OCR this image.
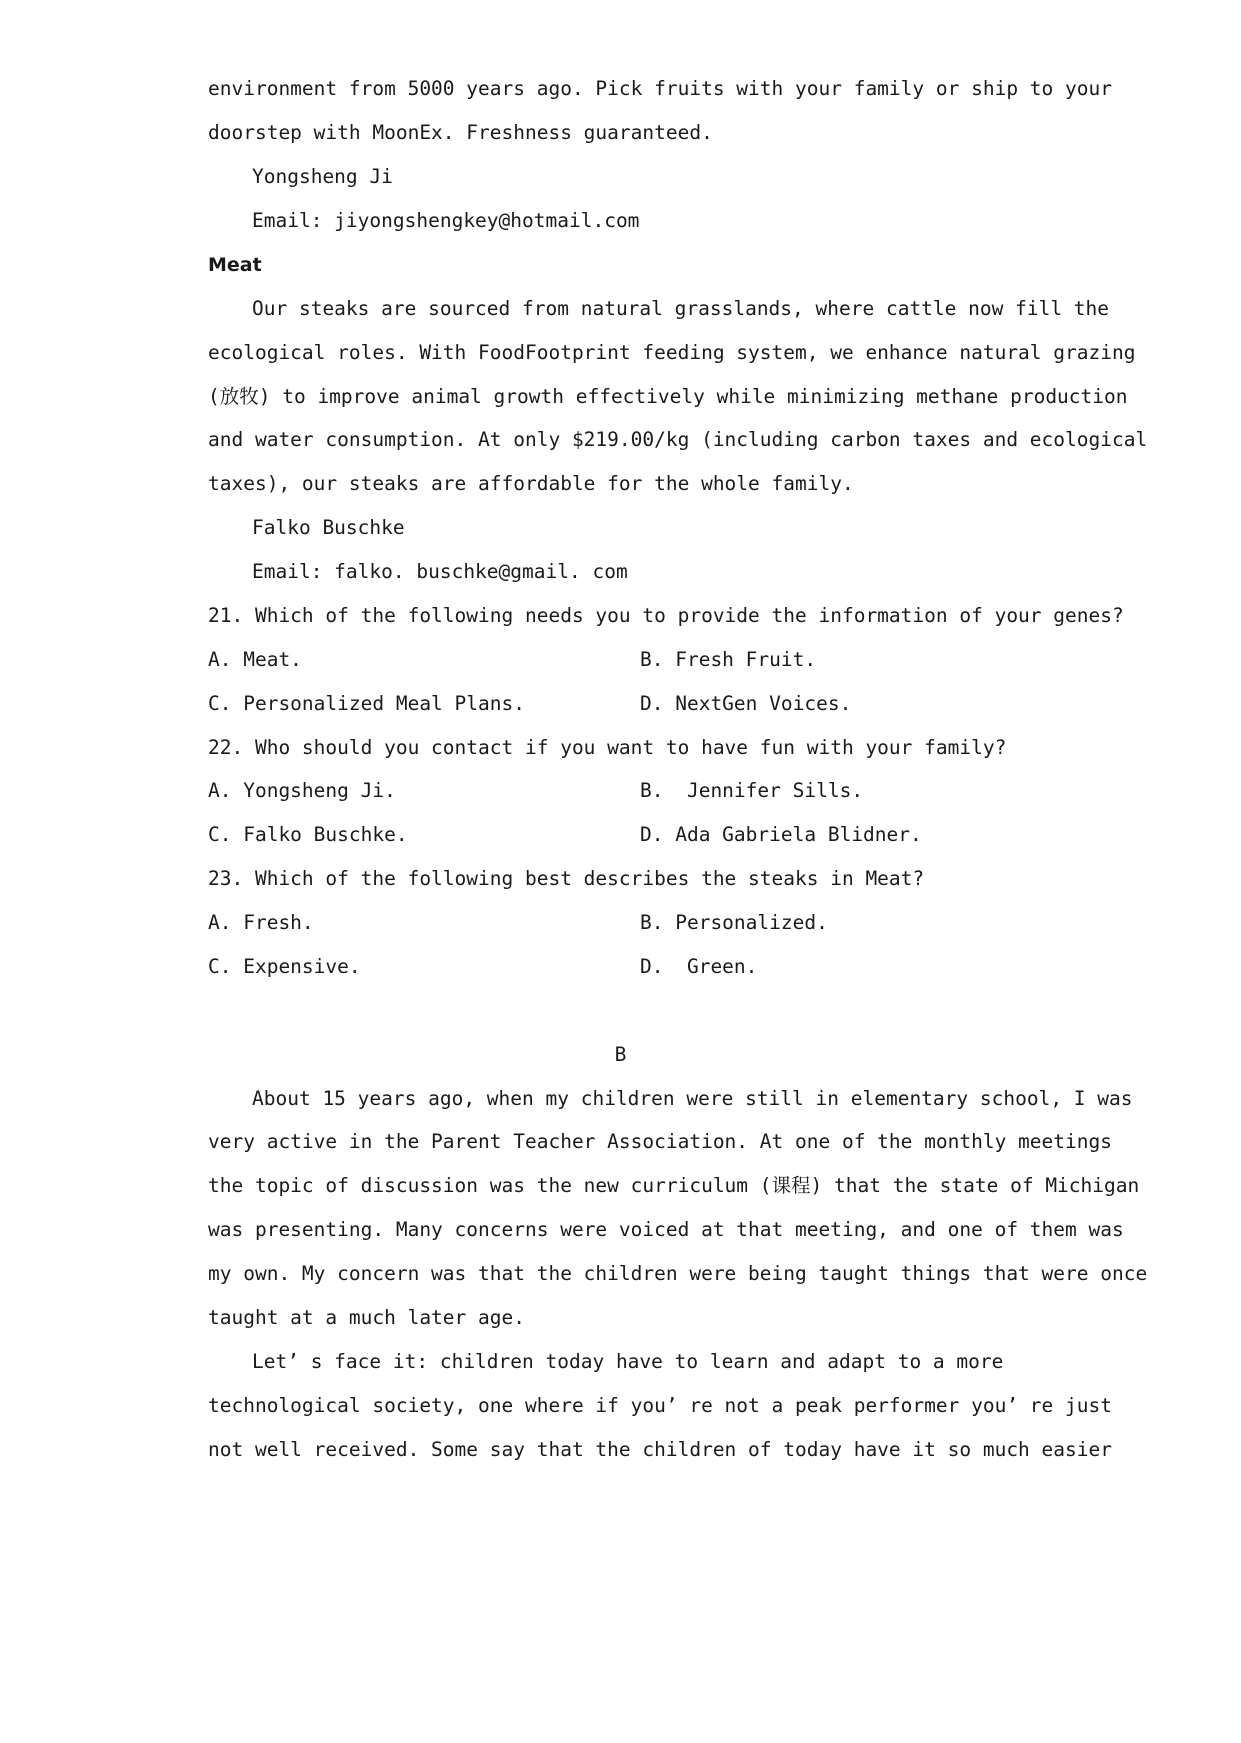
environment from 5000 years ago. Pick fruits with your family or ship to your
doorstep with MoonEx. Freshness guaranteed.
Yongsheng Ji
Email: jiyongshengkey@hotmail.com
Meat
Our steaks are sourced from natural grasslands, where cattle now fill the
ecological roles. With FoodFootprint feeding system, we enhance natural grazing
(放牧) to improve animal growth effectively while minimizing methane production
and water consumption. At only $219.00/kg (including carbon taxes and ecological
taxes), our steaks are affordable for the whole family.
Falko Buschke
Email: falko. buschke@gmail. com
21. Which of the following needs you to provide the information of your genes?
A. Meat.	B. Fresh Fruit.
C. Personalized Meal Plans.	D. NextGen Voices.
22. Who should you contact if you want to have fun with your family?
A. Yongsheng Ji.	B.  Jennifer Sills.
C. Falko Buschke.	D. Ada Gabriela Blidner.
23. Which of the following best describes the steaks in Meat?
A. Fresh.	B. Personalized.
C. Expensive.	D.  Green.
B
About 15 years ago, when my children were still in elementary school, I was
very active in the Parent Teacher Association. At one of the monthly meetings
the topic of discussion was the new curriculum (课程) that the state of Michigan
was presenting. Many concerns were voiced at that meeting, and one of them was
my own. My concern was that the children were being taught things that were once
taught at a much later age.
Let’ s face it: children today have to learn and adapt to a more
technological society, one where if you’ re not a peak performer you’ re just
not well received. Some say that the children of today have it so much easier
